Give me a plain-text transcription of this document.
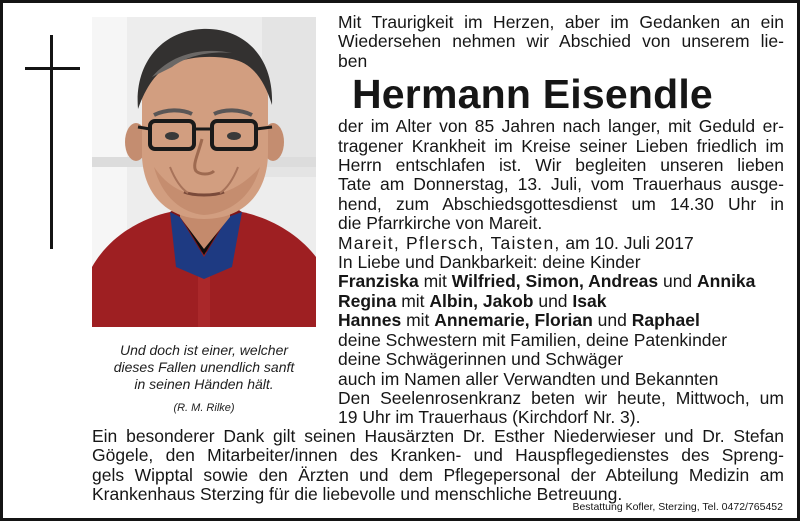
Und doch ist einer, welcher
dieses Fallen unendlich sanft
in seinen Händen hält.
(R. M. Rilke)
Mit Traurigkeit im Herzen, aber im Gedanken an ein
Wiedersehen nehmen wir Abschied von unserem lie-
ben
Hermann Eisendle
der im Alter von 85 Jahren nach langer, mit Geduld er-
tragener Krankheit im Kreise seiner Lieben friedlich im
Herrn entschlafen ist. Wir begleiten unseren lieben
Tate am Donnerstag, 13. Juli, vom Trauerhaus ausge-
hend, zum Abschiedsgottesdienst um 14.30 Uhr in
die Pfarrkirche von Mareit.
Mareit, Pflersch, Taisten, am 10. Juli 2017
In Liebe und Dankbarkeit: deine Kinder
Franziska mit Wilfried, Simon, Andreas und Annika
Regina mit Albin, Jakob und Isak
Hannes mit Annemarie, Florian und Raphael
deine Schwestern mit Familien, deine Patenkinder
deine Schwägerinnen und Schwäger
auch im Namen aller Verwandten und Bekannten
Den Seelenrosenkranz beten wir heute, Mittwoch, um
19 Uhr im Trauerhaus (Kirchdorf Nr. 3).
Ein besonderer Dank gilt seinen Hausärzten Dr. Esther Niederwieser und Dr. Stefan
Gögele, den Mitarbeiter/innen des Kranken- und Hauspflegedienstes des Spreng-
gels Wipptal sowie den Ärzten und dem Pflegepersonal der Abteilung Medizin am
Krankenhaus Sterzing für die liebevolle und menschliche Betreuung.
Bestattung Kofler, Sterzing, Tel. 0472/765452
